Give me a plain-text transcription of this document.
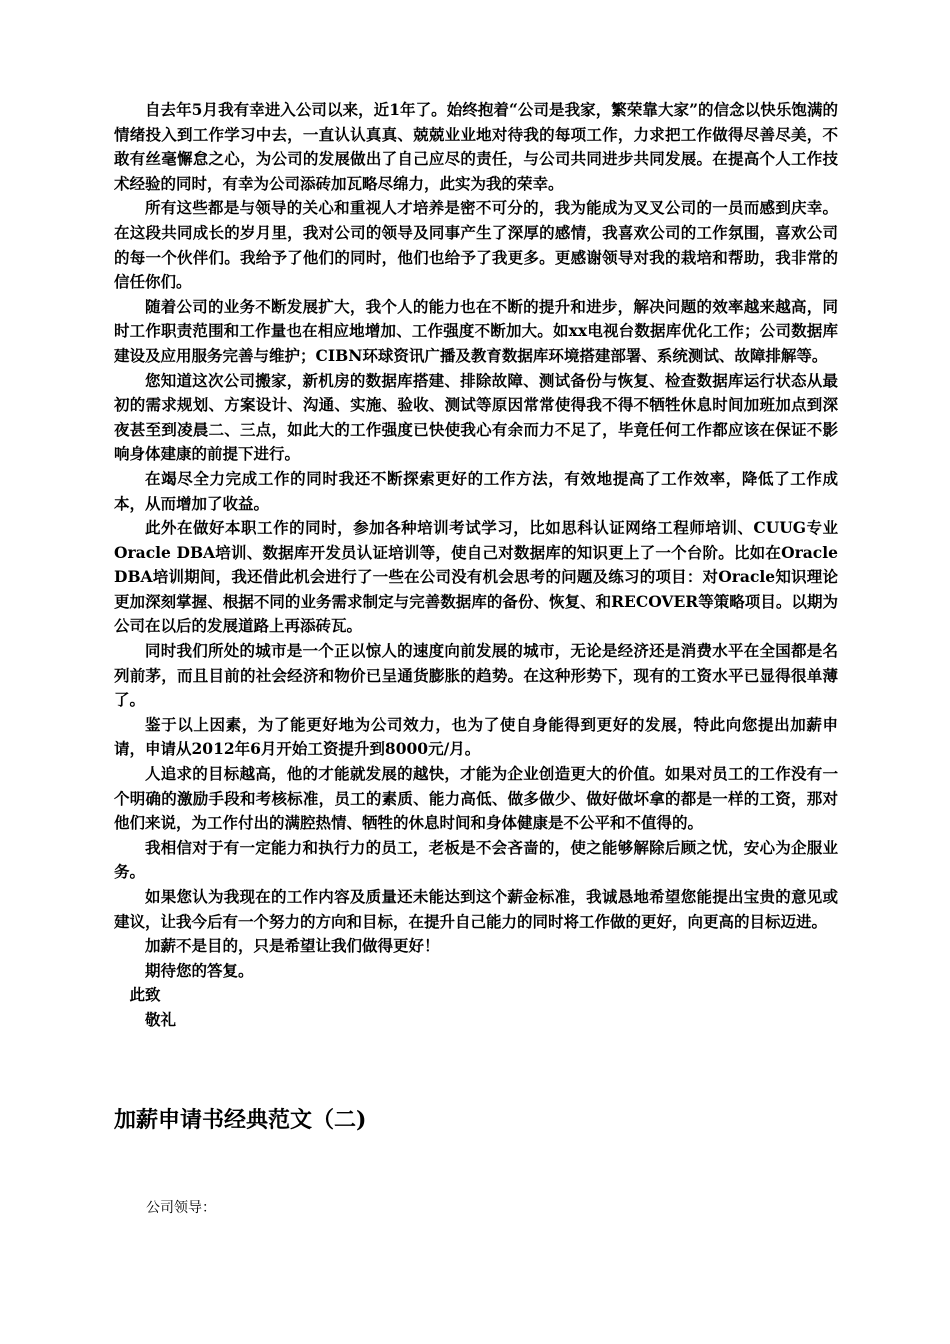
自去年5月我有幸进入公司以来，近1年了。始终抱着“公司是我家，繁荣靠大家”的信念以快乐饱满的情绪投入到工作学习中去，一直认认真真、兢兢业业地对待我的每项工作，力求把工作做得尽善尽美，不敢有丝毫懈怠之心，为公司的发展做出了自己应尽的责任，与公司共同进步共同发展。在提高个人工作技术经验的同时，有幸为公司添砖加瓦略尽绵力，此实为我的荣幸。

所有这些都是与领导的关心和重视人才培养是密不可分的，我为能成为叉叉公司的一员而感到庆幸。在这段共同成长的岁月里，我对公司的领导及同事产生了深厚的感情，我喜欢公司的工作氛围，喜欢公司的每一个伙伴们。我给予了他们的同时，他们也给予了我更多。更感谢领导对我的栽培和帮助，我非常的信任你们。

随着公司的业务不断发展扩大，我个人的能力也在不断的提升和进步，解决问题的效率越来越高，同时工作职责范围和工作量也在相应地增加、工作强度不断加大。如xx电视台数据库优化工作；公司数据库建设及应用服务完善与维护；CIBN环球资讯广播及教育数据库环境搭建部署、系统测试、故障排解等。

您知道这次公司搬家，新机房的数据库搭建、排除故障、测试备份与恢复、检查数据库运行状态从最初的需求规划、方案设计、沟通、实施、验收、测试等原因常常使得我不得不牺牲休息时间加班加点到深夜甚至到凌晨二、三点，如此大的工作强度已快使我心有余而力不足了，毕竟任何工作都应该在保证不影响身体建康的前提下进行。

在竭尽全力完成工作的同时我还不断探索更好的工作方法，有效地提高了工作效率，降低了工作成本，从而增加了收益。

此外在做好本职工作的同时，参加各种培训考试学习，比如思科认证网络工程师培训、CUUG专业Oracle DBA培训、数据库开发员认证培训等，使自己对数据库的知识更上了一个台阶。比如在Oracle DBA培训期间，我还借此机会进行了一些在公司没有机会思考的问题及练习的项目：对Oracle知识理论更加深刻掌握、根据不同的业务需求制定与完善数据库的备份、恢复、和RECOVER等策略项目。以期为公司在以后的发展道路上再添砖瓦。

同时我们所处的城市是一个正以惊人的速度向前发展的城市，无论是经济还是消费水平在全国都是名列前茅，而且目前的社会经济和物价已呈通货膨胀的趋势。在这种形势下，现有的工资水平已显得很单薄了。

鉴于以上因素，为了能更好地为公司效力，也为了使自身能得到更好的发展，特此向您提出加薪申请，申请从2012年6月开始工资提升到8000元/月。

人追求的目标越高，他的才能就发展的越快，才能为企业创造更大的价值。如果对员工的工作没有一个明确的激励手段和考核标准，员工的素质、能力高低、做多做少、做好做坏拿的都是一样的工资，那对他们来说，为工作付出的满腔热情、牺牲的休息时间和身体健康是不公平和不值得的。

我相信对于有一定能力和执行力的员工，老板是不会吝啬的，使之能够解除后顾之忧，安心为企服业务。

如果您认为我现在的工作内容及质量还未能达到这个薪金标准，我诚恳地希望您能提出宝贵的意见或建议，让我今后有一个努力的方向和目标，在提升自己能力的同时将工作做的更好，向更高的目标迈进。

加薪不是目的，只是希望让我们做得更好！

期待您的答复。

此致

敬礼

加薪申请书经典范文（二)

公司领导：
